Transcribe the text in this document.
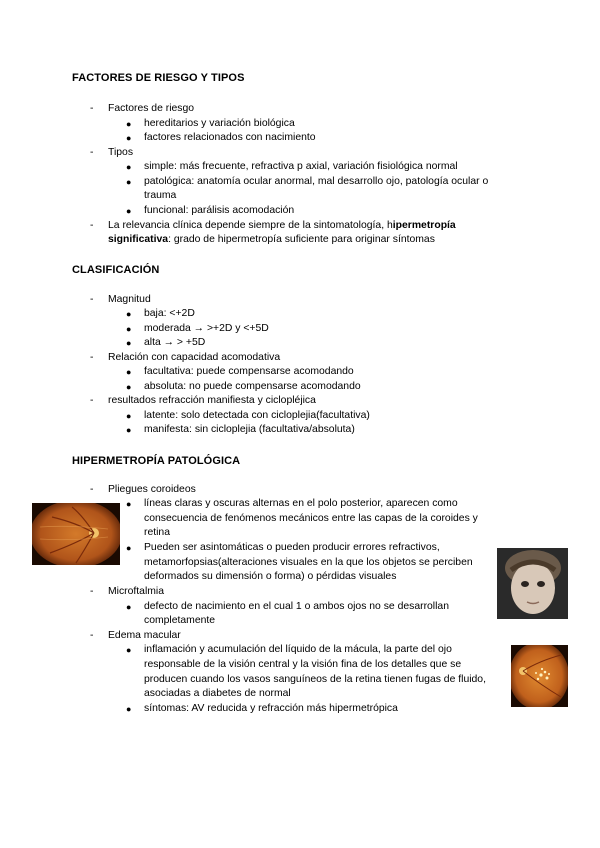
FACTORES DE RIESGO Y TIPOS
- Factores de riesgo
● hereditarios y variación biológica
● factores relacionados con nacimiento
- Tipos
● simple: más frecuente, refractiva p axial, variación fisiológica normal
● patológica: anatomía ocular anormal, mal desarrollo ojo, patología ocular o
trauma
● funcional: parálisis acomodación
- La relevancia clínica depende siempre de la sintomatología, hipermetropía
significativa: grado de hipermetropía suficiente para originar síntomas
CLASIFICACIÓN
- Magnitud
● baja: <+2D
● moderada → >+2D y <+5D
● alta → > +5D
- Relación con capacidad acomodativa
● facultativa: puede compensarse acomodando
● absoluta: no puede compensarse acomodando
- resultados refracción manifiesta y ciclopléjica
● latente: solo detectada con cicloplejia(facultativa)
● manifesta: sin cicloplejia (facultativa/absoluta)
HIPERMETROPÍA PATOLÓGICA
- Pliegues coroideos
● líneas claras y oscuras alternas en el polo posterior, aparecen como
consecuencia de fenómenos mecánicos entre las capas de la coroides y
retina
● Pueden ser asintomáticas o pueden producir errores refractivos,
metamorfopsias(alteraciones visuales en la que los objetos se perciben
deformados su dimensión o forma) o pérdidas visuales
- Microftalmia
● defecto de nacimiento en el cual 1 o ambos ojos no se desarrollan
completamente
- Edema macular
● inflamación y acumulación del líquido de la mácula, la parte del ojo
responsable de la visión central y la visión fina de los detalles que se
producen cuando los vasos sanguíneos de la retina tienen fugas de fluido,
asociadas a diabetes de normal
● síntomas: AV reducida y refracción más hipermetrópica
